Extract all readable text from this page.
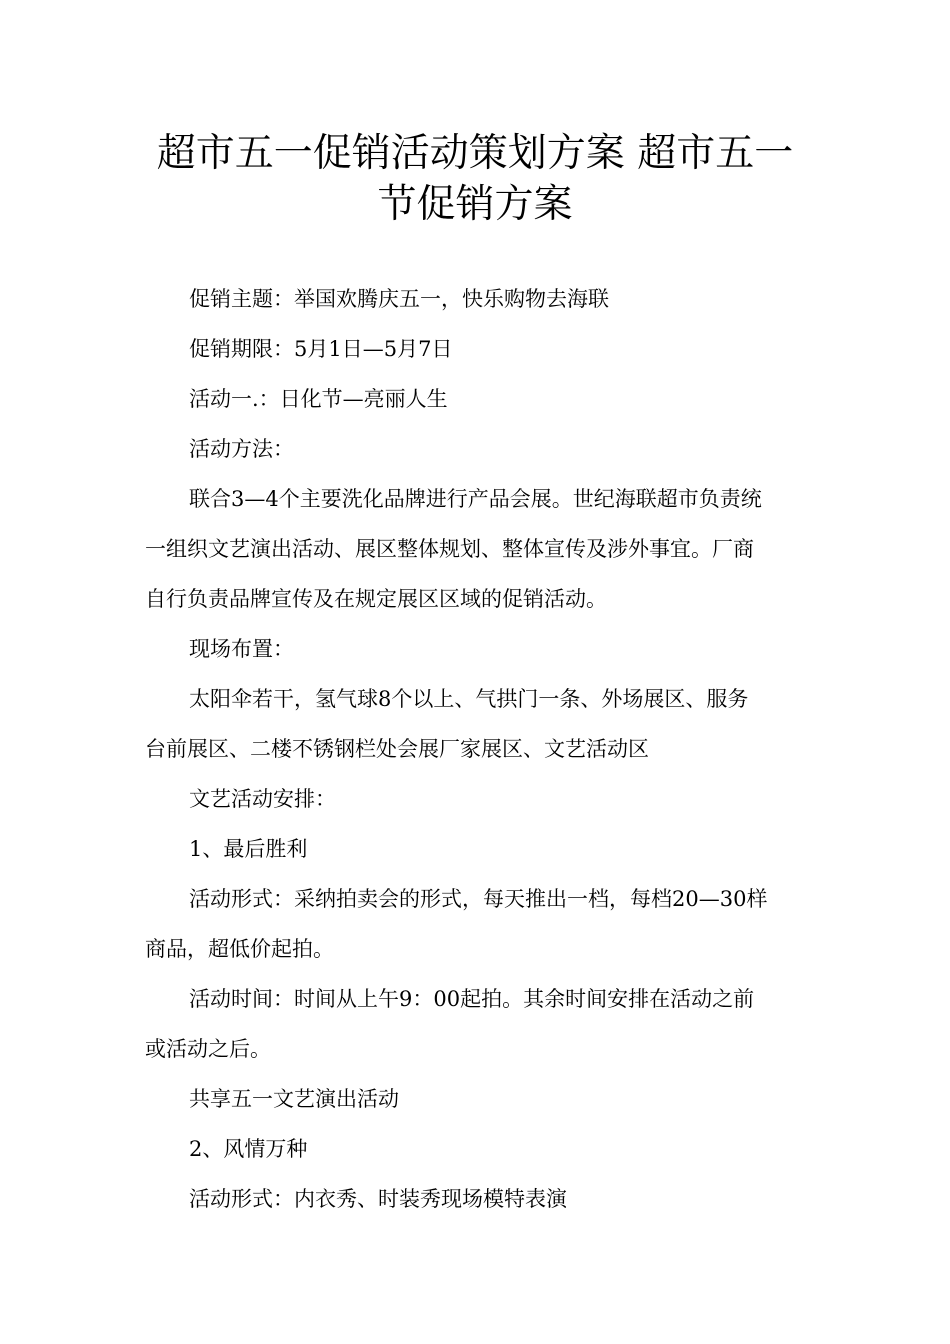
超市五一促销活动策划方案 超市五一
节促销方案
促销主题：举国欢腾庆五一，快乐购物去海联
促销期限：5月1日—5月7日
活动一.：日化节—亮丽人生
活动方法：
联合3—4个主要洗化品牌进行产品会展。世纪海联超市负责统
一组织文艺演出活动、展区整体规划、整体宣传及涉外事宜。厂商
自行负责品牌宣传及在规定展区区域的促销活动。
现场布置：
太阳伞若干，氢气球8个以上、气拱门一条、外场展区、服务
台前展区、二楼不锈钢栏处会展厂家展区、文艺活动区
文艺活动安排：
1、最后胜利
活动形式：采纳拍卖会的形式，每天推出一档，每档20—30样
商品，超低价起拍。
活动时间：时间从上午9：00起拍。其余时间安排在活动之前
或活动之后。
共享五一文艺演出活动
2、风情万种
活动形式：内衣秀、时装秀现场模特表演
